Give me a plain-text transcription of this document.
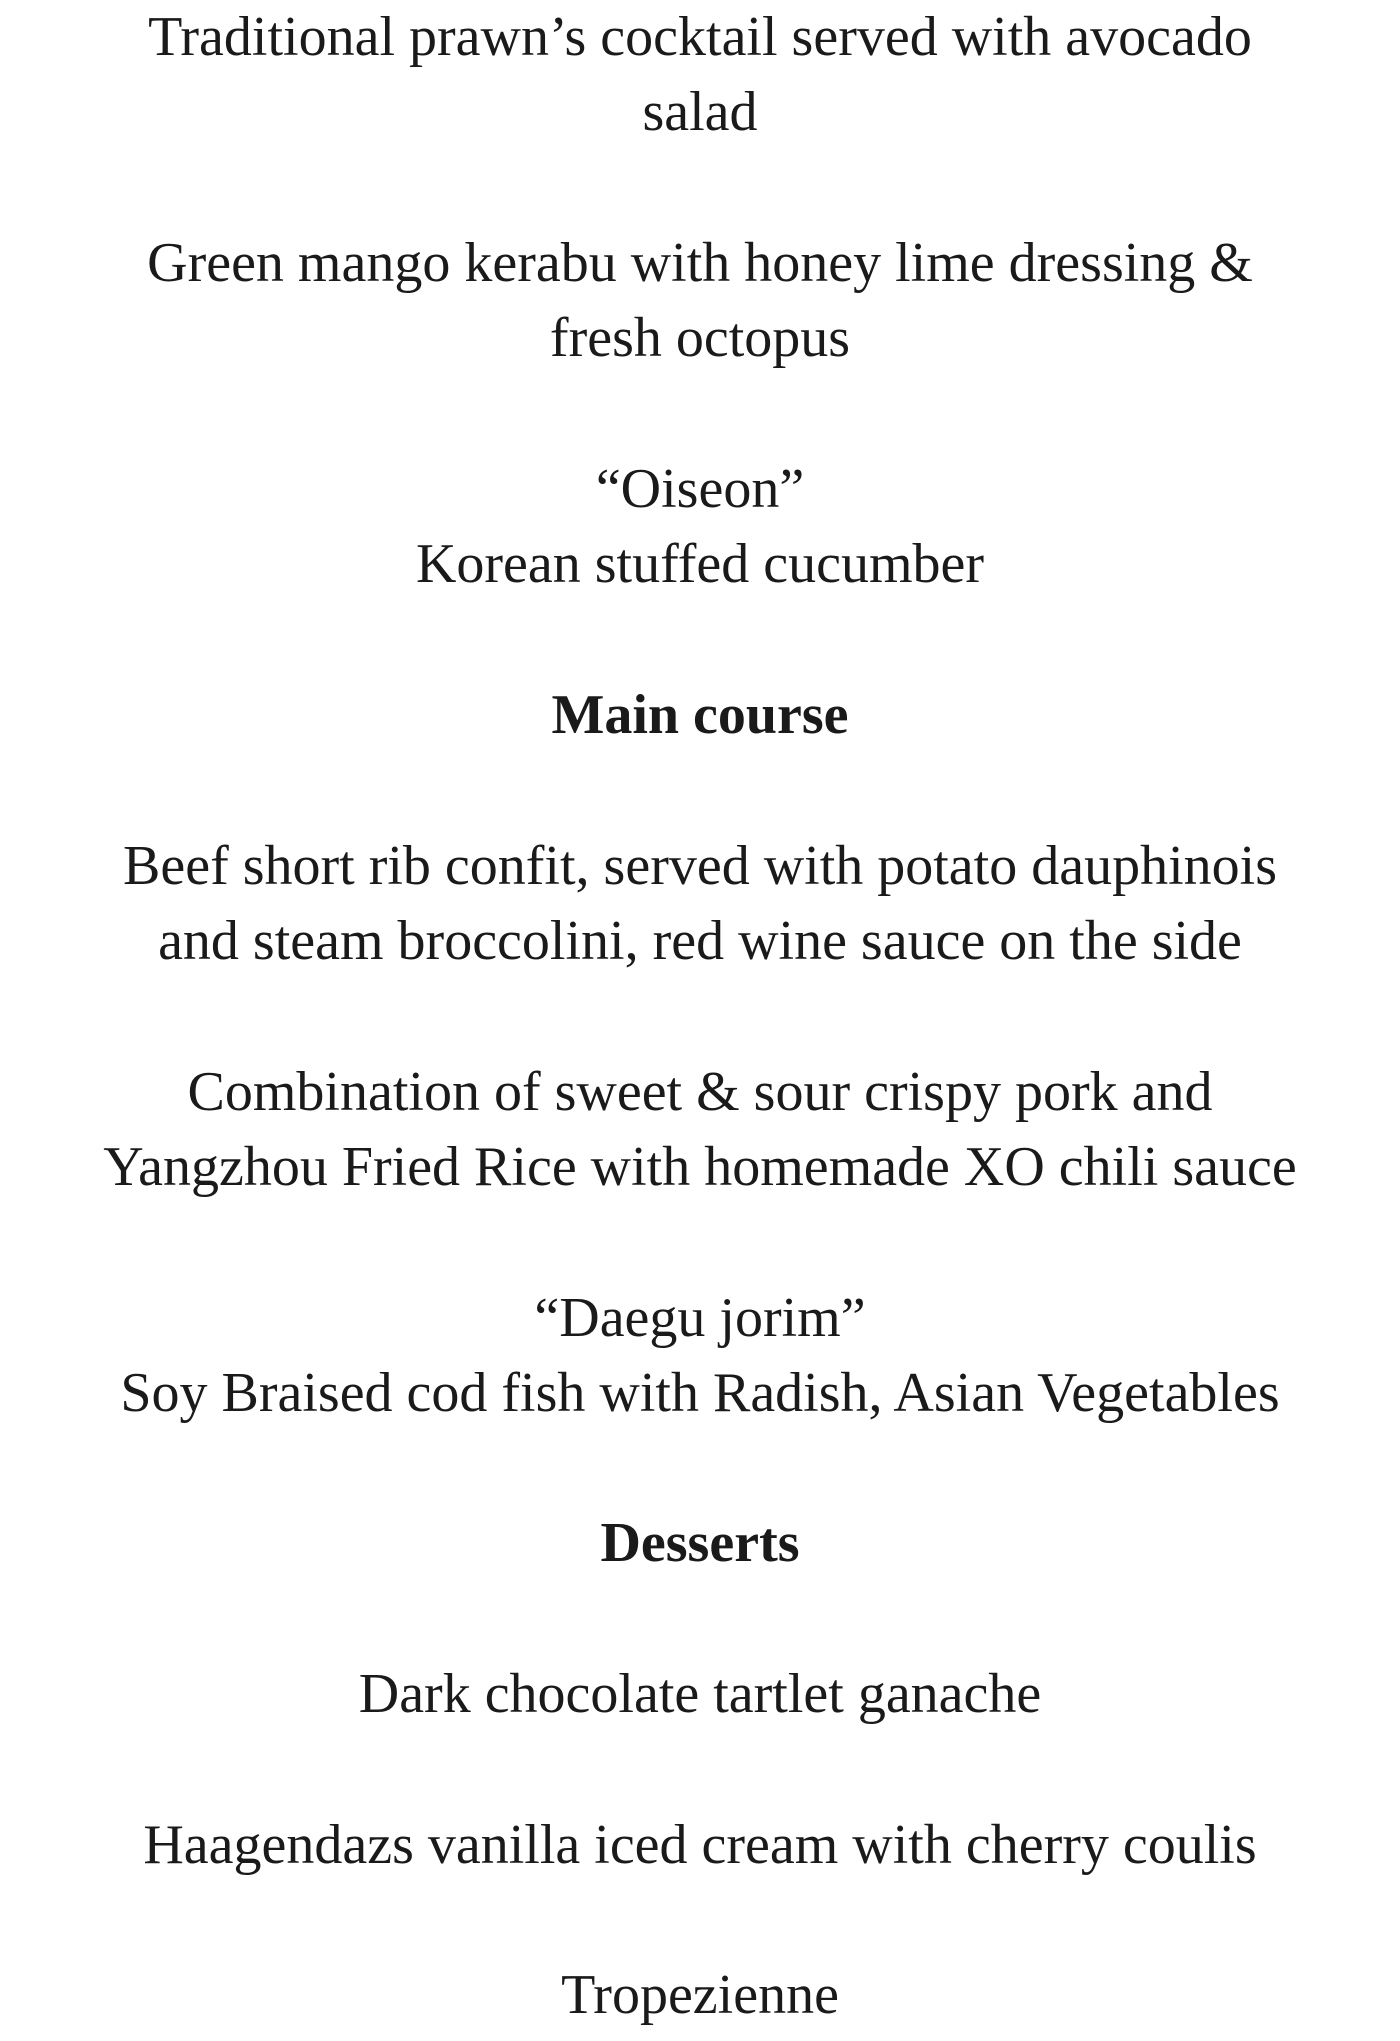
Traditional prawn’s cocktail served with avocado
salad
Green mango kerabu with honey lime dressing &
fresh octopus
“Oiseon”
Korean stuffed cucumber
Main course
Beef short rib confit, served with potato dauphinois
and steam broccolini, red wine sauce on the side
Combination of sweet & sour crispy pork and
Yangzhou Fried Rice with homemade XO chili sauce
“Daegu jorim”
Soy Braised cod fish with Radish, Asian Vegetables
Desserts
Dark chocolate tartlet ganache
Haagendazs vanilla iced cream with cherry coulis
Tropezienne
